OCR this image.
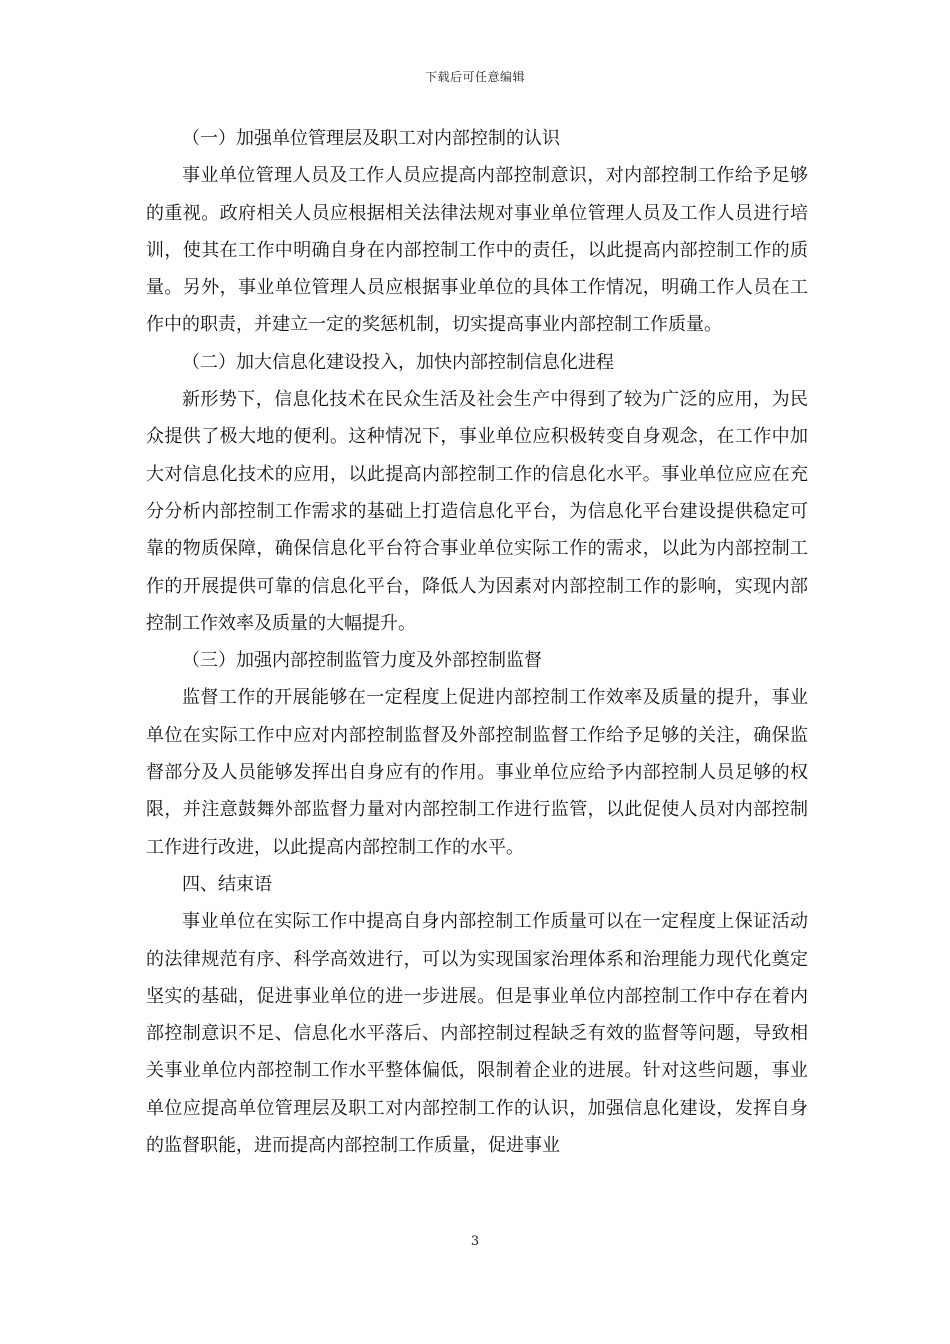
下载后可任意编辑

（一）加强单位管理层及职工对内部控制的认识

事业单位管理人员及工作人员应提高内部控制意识，对内部控制工作给予足够的重视。政府相关人员应根据相关法律法规对事业单位管理人员及工作人员进行培训，使其在工作中明确自身在内部控制工作中的责任，以此提高内部控制工作的质量。另外，事业单位管理人员应根据事业单位的具体工作情况，明确工作人员在工作中的职责，并建立一定的奖惩机制，切实提高事业内部控制工作质量。

（二）加大信息化建设投入，加快内部控制信息化进程

新形势下，信息化技术在民众生活及社会生产中得到了较为广泛的应用，为民众提供了极大地的便利。这种情况下，事业单位应积极转变自身观念，在工作中加大对信息化技术的应用，以此提高内部控制工作的信息化水平。事业单位应应在充分分析内部控制工作需求的基础上打造信息化平台，为信息化平台建设提供稳定可靠的物质保障，确保信息化平台符合事业单位实际工作的需求，以此为内部控制工作的开展提供可靠的信息化平台，降低人为因素对内部控制工作的影响，实现内部控制工作效率及质量的大幅提升。

（三）加强内部控制监管力度及外部控制监督

监督工作的开展能够在一定程度上促进内部控制工作效率及质量的提升，事业单位在实际工作中应对内部控制监督及外部控制监督工作给予足够的关注，确保监督部分及人员能够发挥出自身应有的作用。事业单位应给予内部控制人员足够的权限，并注意鼓舞外部监督力量对内部控制工作进行监管，以此促使人员对内部控制工作进行改进，以此提高内部控制工作的水平。

四、结束语

事业单位在实际工作中提高自身内部控制工作质量可以在一定程度上保证活动的法律规范有序、科学高效进行，可以为实现国家治理体系和治理能力现代化奠定坚实的基础，促进事业单位的进一步进展。但是事业单位内部控制工作中存在着内部控制意识不足、信息化水平落后、内部控制过程缺乏有效的监督等问题，导致相关事业单位内部控制工作水平整体偏低，限制着企业的进展。针对这些问题，事业单位应提高单位管理层及职工对内部控制工作的认识，加强信息化建设，发挥自身的监督职能，进而提高内部控制工作质量，促进事业

3
